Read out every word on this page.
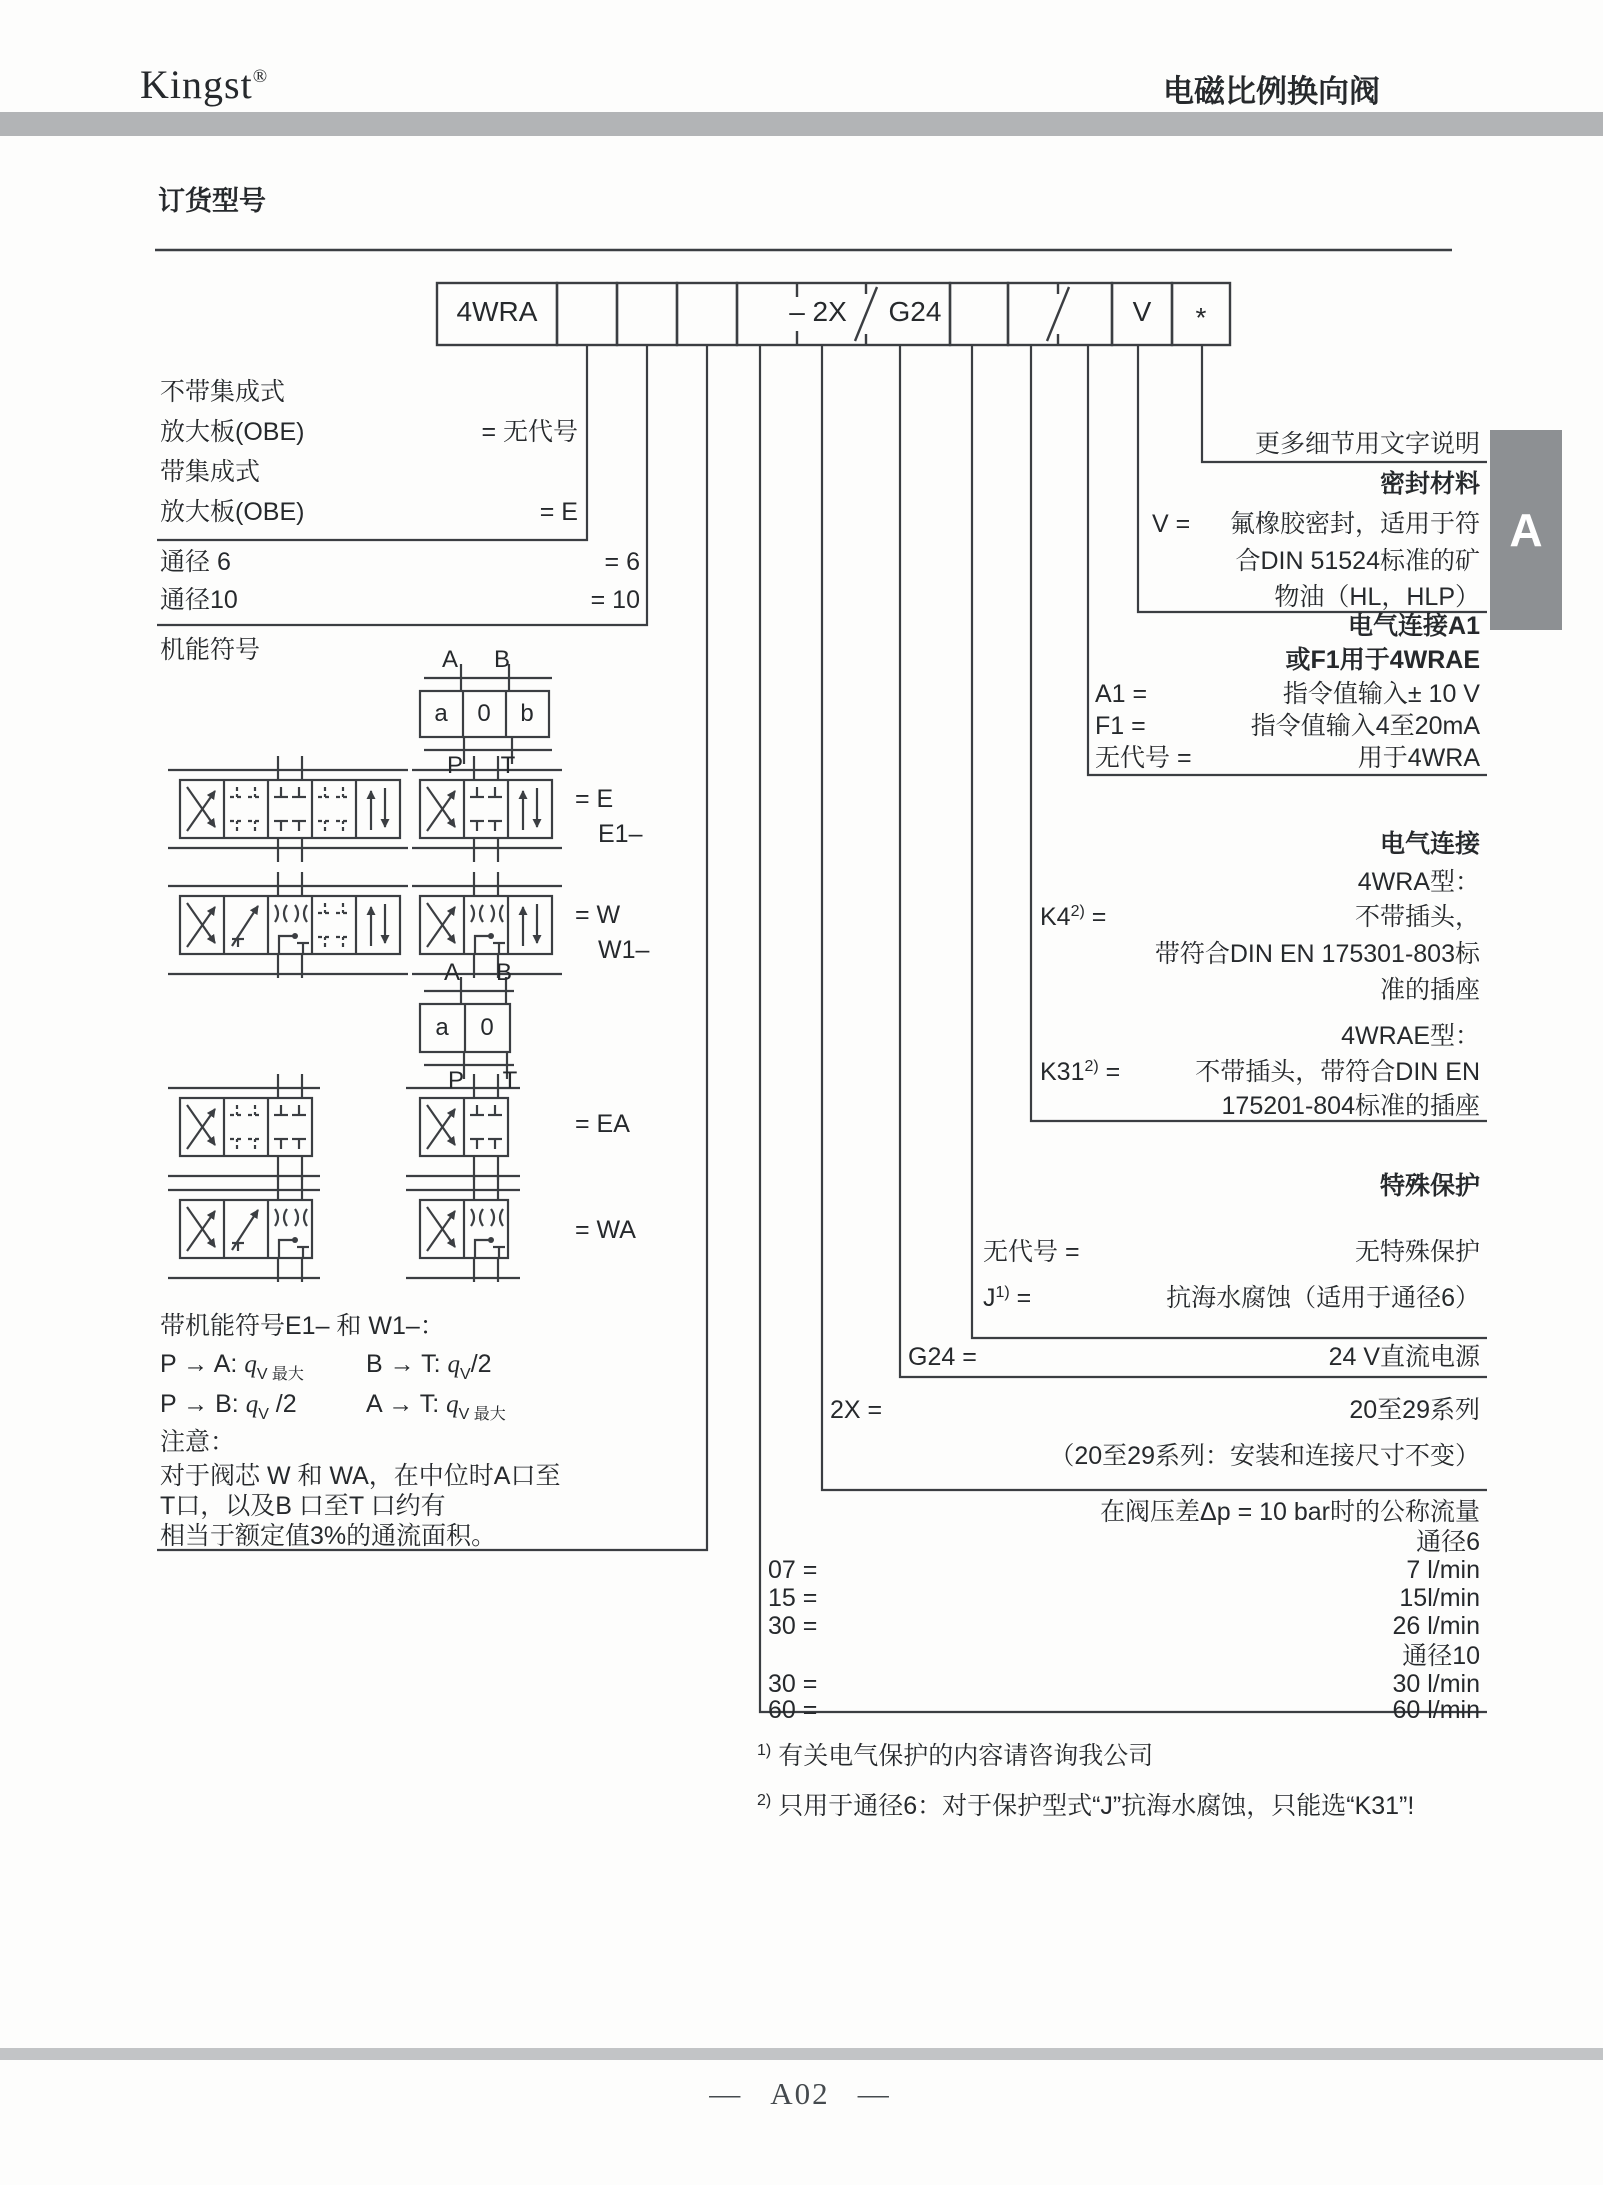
Kingst®	电磁比例换向阀
订货型号
4WRA	– 2X G24	V *
不带集成式
放大板(OBE)	= 无代号
带集成式
放大板(OBE)	= E
通径 6	= 6
通径10	= 10
机能符号	A B
a 0 b
P T
= E
E1–
= W
W1–
A B
a 0
P T
= EA
= WA
带机能符号E1– 和 W1–：
P → A: $q_{V 最大}$ B → T: $q_V/2$
P → B: $q_V$ /2	A → T: $q_{V 最大}$
注意：
对于阀芯 W 和 WA，在中位时A口至
T口，以及B 口至T 口约有
相当于额定值3%的通流面积。
更多细节用文字说明
密封材料
V = 氟橡胶密封，适用于符
合DIN 51524标准的矿
物油（HL，HLP）
A
电气连接A1
或F1用于4WRAE
A1 =	指令值输入± 10 V
F1 =	指令值输入4至20mA
无代号 =	用于4WRA
电气连接
4WRA型：
$K4^{2)}$ =	不带插头，
带符合DIN EN 175301-803标
准的插座
4WRAE型：
$K31^{2)}$ =	不带插头，带符合DIN EN
175201-804标准的插座
特殊保护
无代号 =	无特殊保护
$J^{1)}$ =	抗海水腐蚀（适用于通径6）
G24 =	24 V直流电源
2X =	20至29系列
（20至29系列：安装和连接尺寸不变）
在阀压差Δp = 10 bar时的公称流量
通径6
07 =	7 l/min
15 =	15l/min
30 =	26 l/min
通径10
30 =	30 l/min
60 =	60 l/min
$^{1)}$ 有关电气保护的内容请咨询我公司
$^{2)}$ 只用于通径6：对于保护型式“J”抗海水腐蚀，只能选“K31”!
— A02 —
